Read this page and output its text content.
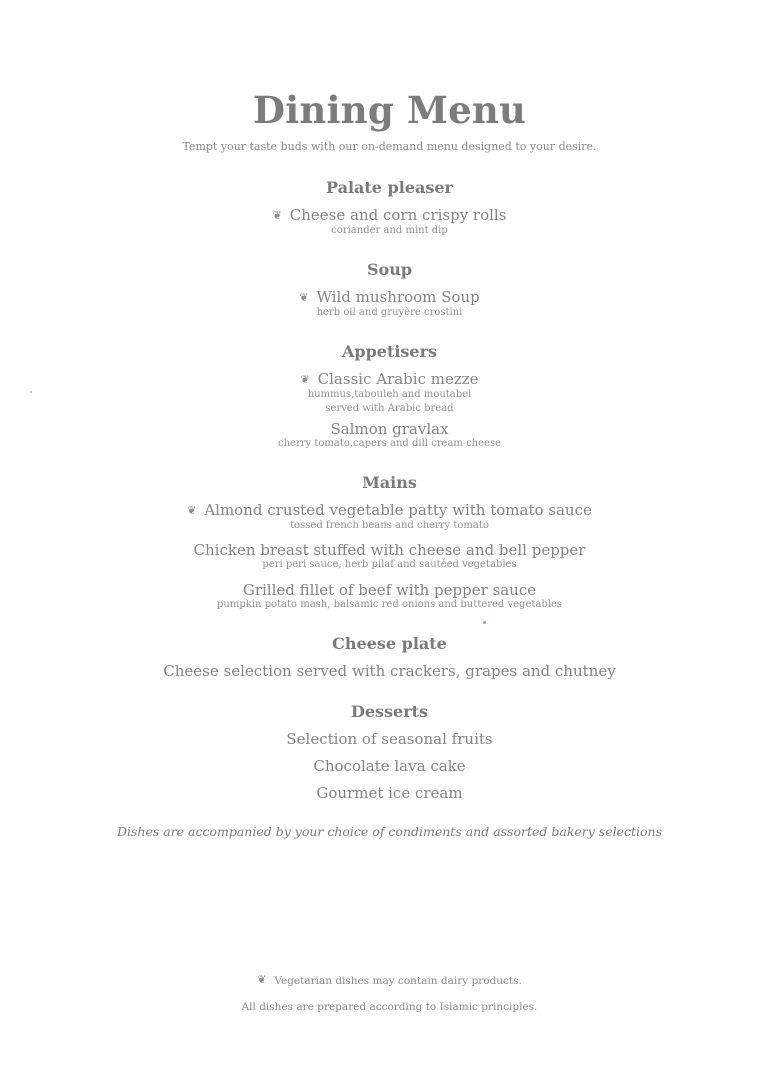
Dining Menu
Tempt your taste buds with our on-demand menu designed to your desire.
Palate pleaser
❦ Cheese and corn crispy rolls
coriander and mint dip
Soup
❦ Wild mushroom Soup
herb oil and gruyère crostini
Appetisers
❦ Classic Arabic mezze
hummus,tabouleh and moutabel
served with Arabic bread
Salmon gravlax
cherry tomato,capers and dill cream cheese
Mains
❦ Almond crusted vegetable patty with tomato sauce
tossed french beans and cherry tomato
Chicken breast stuffed with cheese and bell pepper
peri peri sauce, herb pilaf and sautéed vegetables
Grilled fillet of beef with pepper sauce
pumpkin potato mash, balsamic red onions and buttered vegetables
Cheese plate
Cheese selection served with crackers, grapes and chutney
Desserts
Selection of seasonal fruits
Chocolate lava cake
Gourmet ice cream
Dishes are accompanied by your choice of condiments and assorted bakery selections
❦ Vegetarian dishes may contain dairy products.
All dishes are prepared according to Islamic principles.
